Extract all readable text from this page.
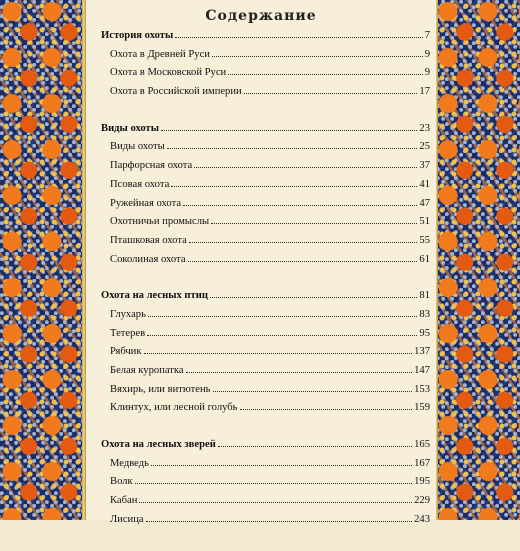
Содержание
История охоты	7
Охота в Древней Руси	9
Охота в Московской Руси	9
Охота в Российской империи	17
Виды охоты	23
Виды охоты	25
Парфорсная охота	37
Псовая охота	41
Ружейная охота	47
Охотничьи промыслы	51
Пташковая охота	55
Соколиная охота	61
Охота на лесных птиц	81
Глухарь	83
Тетерев	95
Рябчик	137
Белая куропатка	147
Вяхирь, или витютень	153
Клинтух, или лесной голубь	159
Охота на лесных зверей	165
Медведь	167
Волк	195
Кабан	229
Лисица	243
